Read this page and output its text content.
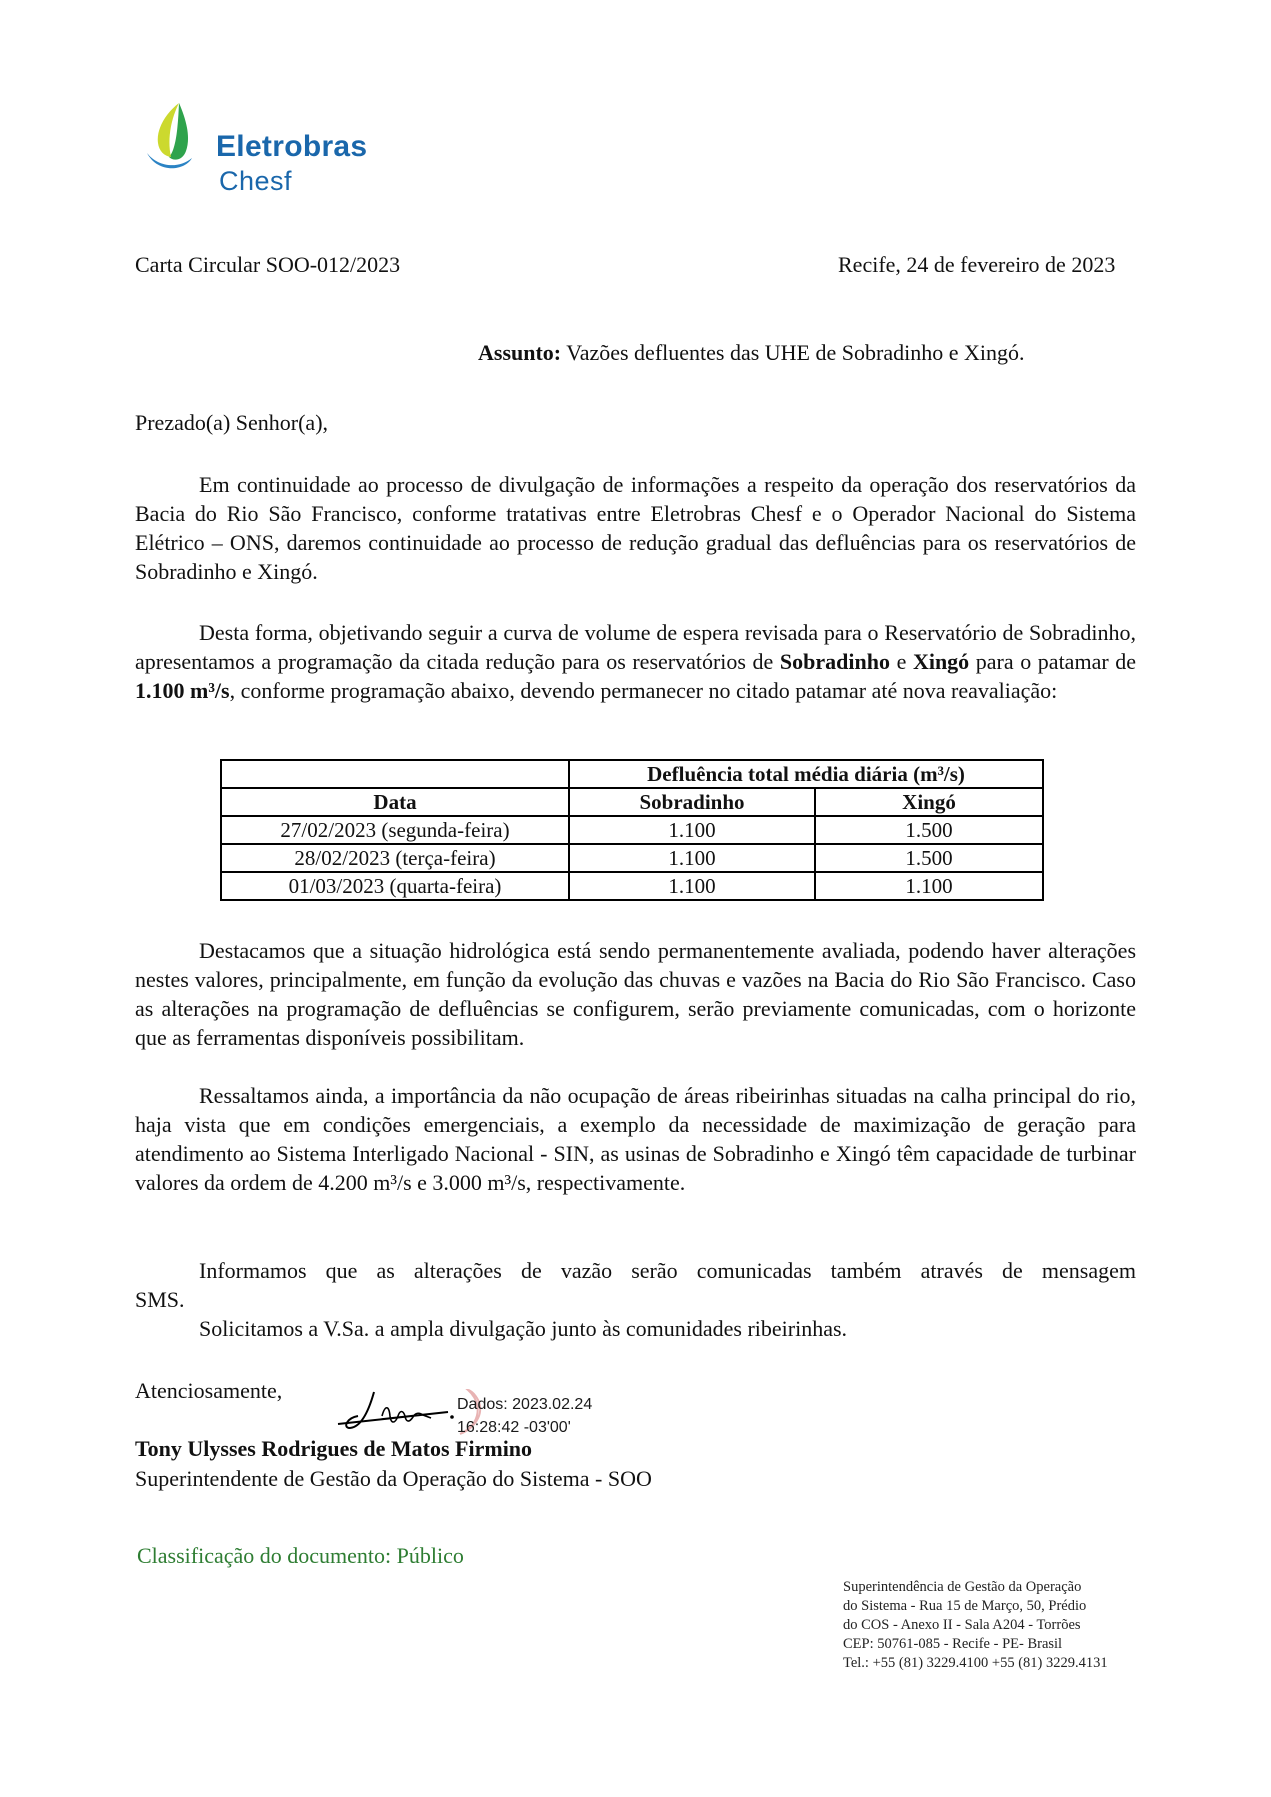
Eletrobras
Chesf
Carta Circular SOO-012/2023	Recife, 24 de fevereiro de 2023
Assunto: Vazões defluentes das UHE de Sobradinho e Xingó.
Prezado(a) Senhor(a),
Em continuidade ao processo de divulgação de informações a respeito da operação dos reservatórios da Bacia do Rio São Francisco, conforme tratativas entre Eletrobras Chesf e o Operador Nacional do Sistema Elétrico – ONS, daremos continuidade ao processo de redução gradual das defluências para os reservatórios de Sobradinho e Xingó.
Desta forma, objetivando seguir a curva de volume de espera revisada para o Reservatório de Sobradinho, apresentamos a programação da citada redução para os reservatórios de Sobradinho e Xingó para o patamar de 1.100 m³/s, conforme programação abaixo, devendo permanecer no citado patamar até nova reavaliação:
	Defluência total média diária (m³/s)	
Data	Sobradinho	Xingó
27/02/2023 (segunda-feira)	1.100	1.500
28/02/2023 (terça-feira)	1.100	1.500
01/03/2023 (quarta-feira)	1.100	1.100
Destacamos que a situação hidrológica está sendo permanentemente avaliada, podendo haver alterações nestes valores, principalmente, em função da evolução das chuvas e vazões na Bacia do Rio São Francisco. Caso as alterações na programação de defluências se configurem, serão previamente comunicadas, com o horizonte que as ferramentas disponíveis possibilitam.
Ressaltamos ainda, a importância da não ocupação de áreas ribeirinhas situadas na calha principal do rio, haja vista que em condições emergenciais, a exemplo da necessidade de maximização de geração para atendimento ao Sistema Interligado Nacional - SIN, as usinas de Sobradinho e Xingó têm capacidade de turbinar valores da ordem de 4.200 m³/s e 3.000 m³/s, respectivamente.
Informamos que as alterações de vazão serão comunicadas também através de mensagem
SMS.
Solicitamos a V.Sa. a ampla divulgação junto às comunidades ribeirinhas.
Atenciosamente,
Dados: 2023.02.24
16:28:42 -03'00'
Tony Ulysses Rodrigues de Matos Firmino
Superintendente de Gestão da Operação do Sistema - SOO
Classificação do documento: Público
Superintendência de Gestão da Operação
do Sistema - Rua 15 de Março, 50, Prédio
do COS - Anexo II - Sala A204 - Torrões
CEP: 50761-085 - Recife - PE- Brasil
Tel.: +55 (81) 3229.4100 +55 (81) 3229.4131
